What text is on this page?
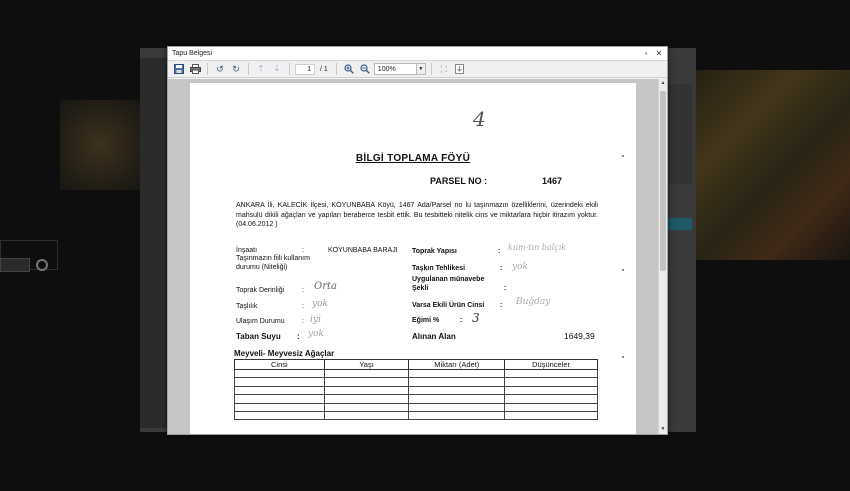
Tapu Belgesi	▫	✕
↺ ↻	🡑	🡓	1	/ 1	100%	▼	⛶
4
BİLGİ TOPLAMA FÖYÜ
PARSEL NO :	1467
ANKARA İli, KALECİK İlçesi, KOYUNBABA Köyü, 1467 Ada/Parsel no lu taşınmazın özelliklerini, üzerindeki ekili mahsulü dikili ağaçları ve yapıları beraberce tesbit ettik. Bu tesbitteki nitelik cins ve miktarlara hiçbir itirazım yoktur. (04.06.2012 )
İnşaatı	:	KOYUNBABA BARAJI
Taşınmazın fiili kullanım
durumu (Niteliği)
Toprak Derinliği	: Orta
Taşlılık	: yok
Ulaşım Durumu : iyi
Taban Suyu : yok
Toprak Yapısı	: kum-tın balçık
Taşkın Tehlikesi	: yok
Uygulanan münavebe
Şekli	:
Varsa Ekili Ürün Cinsi : Buğday
Eğimi %	: 3
Alınan Alan	1649,39
Meyveli- Meyvesiz Ağaçlar
Cinsi	Yaşı	Miktarı (Adet)	Düşünceler

▲
▼
